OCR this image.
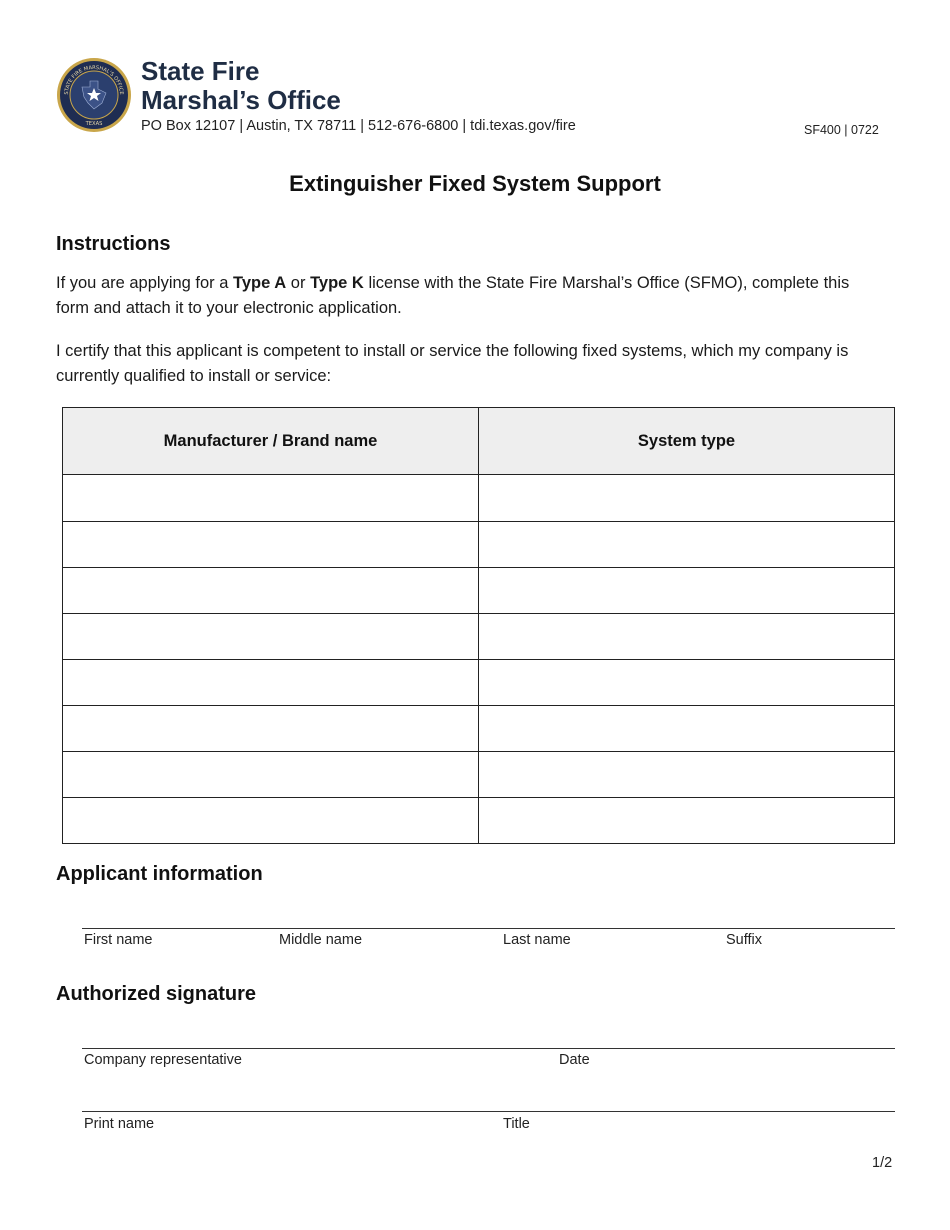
STATE FIRE MARSHAL'S OFFICE
TEXAS
State Fire
Marshal’s Office
PO Box 12107 | Austin, TX 78711 | 512-676-6800 | tdi.texas.gov/fire	SF400 | 0722
Extinguisher Fixed System Support
Instructions
If you are applying for a Type A or Type K license with the State Fire Marshal’s Office (SFMO), complete this form and attach it to your electronic application.
I certify that this applicant is competent to install or service the following fixed systems, which my company is currently qualified to install or service:
Manufacturer / Brand name	System type

Applicant information
First name	Middle name	Last name	Suffix
Authorized signature
Company representative	Date
Print name	Title
1/2
